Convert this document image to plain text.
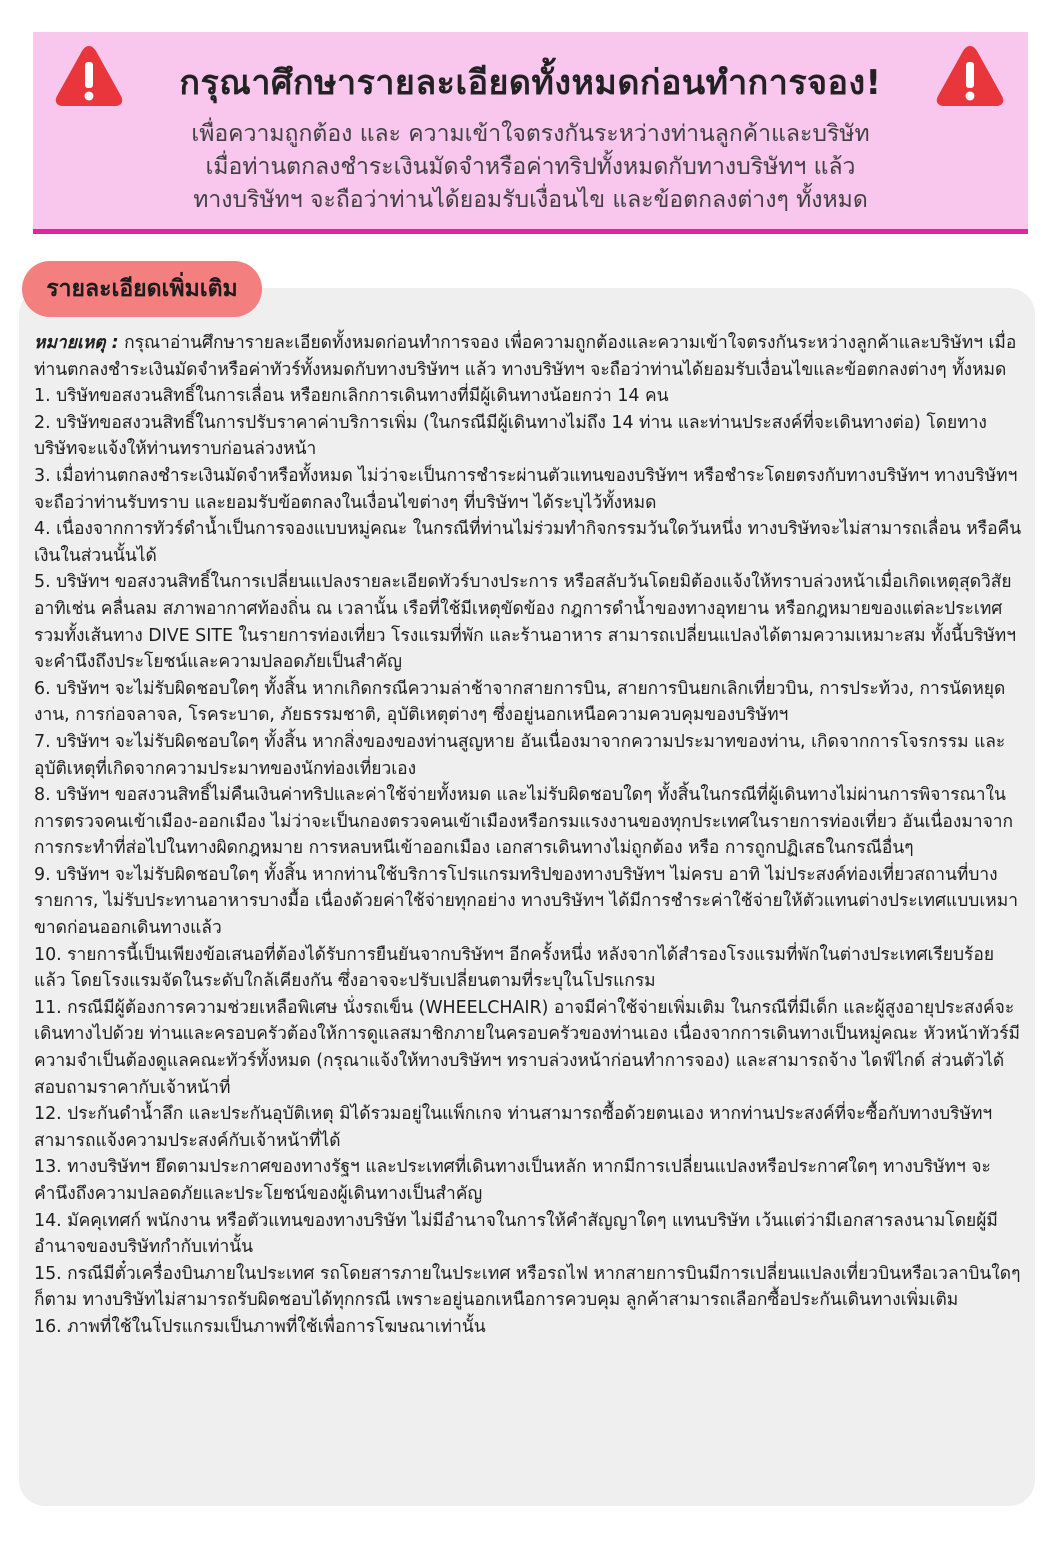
กรุณาศึกษารายละเอียดทั้งหมดก่อนทำการจอง!
เพื่อความถูกต้อง และ ความเข้าใจตรงกันระหว่างท่านลูกค้าและบริษัท
เมื่อท่านตกลงชำระเงินมัดจำหรือค่าทริปทั้งหมดกับทางบริษัทฯ แล้ว
ทางบริษัทฯ จะถือว่าท่านได้ยอมรับเงื่อนไข และข้อตกลงต่างๆ ทั้งหมด
รายละเอียดเพิ่มเติม

หมายเหตุ : กรุณาอ่านศึกษารายละเอียดทั้งหมดก่อนทำการจอง เพื่อความถูกต้องและความเข้าใจตรงกันระหว่างลูกค้าและบริษัทฯ เมื่อท่านตกลงชำระเงินมัดจำหรือค่าทัวร์ทั้งหมดกับทางบริษัทฯ แล้ว ทางบริษัทฯ จะถือว่าท่านได้ยอมรับเงื่อนไขและข้อตกลงต่างๆ ทั้งหมด

1. บริษัทขอสงวนสิทธิ์ในการเลื่อน หรือยกเลิกการเดินทางที่มีผู้เดินทางน้อยกว่า 14 คน

2. บริษัทขอสงวนสิทธิ์ในการปรับราคาค่าบริการเพิ่ม (ในกรณีมีผู้เดินทางไม่ถึง 14 ท่าน และท่านประสงค์ที่จะเดินทางต่อ) โดยทางบริษัทจะแจ้งให้ท่านทราบก่อนล่วงหน้า

3. เมื่อท่านตกลงชำระเงินมัดจำหรือทั้งหมด ไม่ว่าจะเป็นการชำระผ่านตัวแทนของบริษัทฯ หรือชำระโดยตรงกับทางบริษัทฯ ทางบริษัทฯ จะถือว่าท่านรับทราบ และยอมรับข้อตกลงในเงื่อนไขต่างๆ ที่บริษัทฯ ได้ระบุไว้ทั้งหมด

4. เนื่องจากการทัวร์ดำน้ำเป็นการจองแบบหมู่คณะ ในกรณีที่ท่านไม่ร่วมทำกิจกรรมวันใดวันหนึ่ง ทางบริษัทจะไม่สามารถเลื่อน หรือคืนเงินในส่วนนั้นได้

5. บริษัทฯ ขอสงวนสิทธิ์ในการเปลี่ยนแปลงรายละเอียดทัวร์บางประการ หรือสลับวันโดยมิต้องแจ้งให้ทราบล่วงหน้าเมื่อเกิดเหตุสุดวิสัย อาทิเช่น คลื่นลม สภาพอากาศท้องถิ่น ณ เวลานั้น เรือที่ใช้มีเหตุขัดข้อง กฎการดำน้ำของทางอุทยาน หรือกฎหมายของแต่ละประเทศ รวมทั้งเส้นทาง DIVE SITE ในรายการท่องเที่ยว โรงแรมที่พัก และร้านอาหาร สามารถเปลี่ยนแปลงได้ตามความเหมาะสม ทั้งนี้บริษัทฯ จะคำนึงถึงประโยชน์และความปลอดภัยเป็นสำคัญ

6. บริษัทฯ จะไม่รับผิดชอบใดๆ ทั้งสิ้น หากเกิดกรณีความล่าช้าจากสายการบิน, สายการบินยกเลิกเที่ยวบิน, การประท้วง, การนัดหยุดงาน, การก่อจลาจล, โรคระบาด, ภัยธรรมชาติ, อุบัติเหตุต่างๆ ซึ่งอยู่นอกเหนือความควบคุมของบริษัทฯ

7. บริษัทฯ จะไม่รับผิดชอบใดๆ ทั้งสิ้น หากสิ่งของของท่านสูญหาย อันเนื่องมาจากความประมาทของท่าน, เกิดจากการโจรกรรม และอุบัติเหตุที่เกิดจากความประมาทของนักท่องเที่ยวเอง

8. บริษัทฯ ขอสงวนสิทธิ์ไม่คืนเงินค่าทริปและค่าใช้จ่ายทั้งหมด และไม่รับผิดชอบใดๆ ทั้งสิ้นในกรณีที่ผู้เดินทางไม่ผ่านการพิจารณาในการตรวจคนเข้าเมือง-ออกเมือง ไม่ว่าจะเป็นกองตรวจคนเข้าเมืองหรือกรมแรงงานของทุกประเทศในรายการท่องเที่ยว อันเนื่องมาจากการกระทำที่ส่อไปในทางผิดกฎหมาย การหลบหนีเข้าออกเมือง เอกสารเดินทางไม่ถูกต้อง หรือ การถูกปฏิเสธในกรณีอื่นๆ

9. บริษัทฯ จะไม่รับผิดชอบใดๆ ทั้งสิ้น หากท่านใช้บริการโปรแกรมทริปของทางบริษัทฯ ไม่ครบ อาทิ ไม่ประสงค์ท่องเที่ยวสถานที่บางรายการ, ไม่รับประทานอาหารบางมื้อ เนื่องด้วยค่าใช้จ่ายทุกอย่าง ทางบริษัทฯ ได้มีการชำระค่าใช้จ่ายให้ตัวแทนต่างประเทศแบบเหมาขาดก่อนออกเดินทางแล้ว

10. รายการนี้เป็นเพียงข้อเสนอที่ต้องได้รับการยืนยันจากบริษัทฯ อีกครั้งหนึ่ง หลังจากได้สำรองโรงแรมที่พักในต่างประเทศเรียบร้อยแล้ว โดยโรงแรมจัดในระดับใกล้เคียงกัน ซึ่งอาจจะปรับเปลี่ยนตามที่ระบุในโปรแกรม

11. กรณีมีผู้ต้องการความช่วยเหลือพิเศษ นั่งรถเข็น (WHEELCHAIR) อาจมีค่าใช้จ่ายเพิ่มเติม ในกรณีที่มีเด็ก และผู้สูงอายุประสงค์จะเดินทางไปด้วย ท่านและครอบครัวต้องให้การดูแลสมาชิกภายในครอบครัวของท่านเอง เนื่องจากการเดินทางเป็นหมู่คณะ หัวหน้าทัวร์มีความจำเป็นต้องดูแลคณะทัวร์ทั้งหมด (กรุณาแจ้งให้ทางบริษัทฯ ทราบล่วงหน้าก่อนทำการจอง) และสามารถจ้าง ไดฟ์ไกด์ ส่วนตัวได้ สอบถามราคากับเจ้าหน้าที่

12. ประกันดำน้ำลึก และประกันอุบัติเหตุ มิได้รวมอยู่ในแพ็กเกจ ท่านสามารถซื้อด้วยตนเอง หากท่านประสงค์ที่จะซื้อกับทางบริษัทฯ สามารถแจ้งความประสงค์กับเจ้าหน้าที่ได้

13. ทางบริษัทฯ ยึดตามประกาศของทางรัฐฯ และประเทศที่เดินทางเป็นหลัก หากมีการเปลี่ยนแปลงหรือประกาศใดๆ ทางบริษัทฯ จะคำนึงถึงความปลอดภัยและประโยชน์ของผู้เดินทางเป็นสำคัญ

14. มัคคุเทศก์ พนักงาน หรือตัวแทนของทางบริษัท ไม่มีอำนาจในการให้คำสัญญาใดๆ แทนบริษัท เว้นแต่ว่ามีเอกสารลงนามโดยผู้มีอำนาจของบริษัทกำกับเท่านั้น

15. กรณีมีตั๋วเครื่องบินภายในประเทศ รถโดยสารภายในประเทศ หรือรถไฟ หากสายการบินมีการเปลี่ยนแปลงเที่ยวบินหรือเวลาบินใดๆ ก็ตาม ทางบริษัทไม่สามารถรับผิดชอบได้ทุกกรณี เพราะอยู่นอกเหนือการควบคุม ลูกค้าสามารถเลือกซื้อประกันเดินทางเพิ่มเติม

16. ภาพที่ใช้ในโปรแกรมเป็นภาพที่ใช้เพื่อการโฆษณาเท่านั้น
